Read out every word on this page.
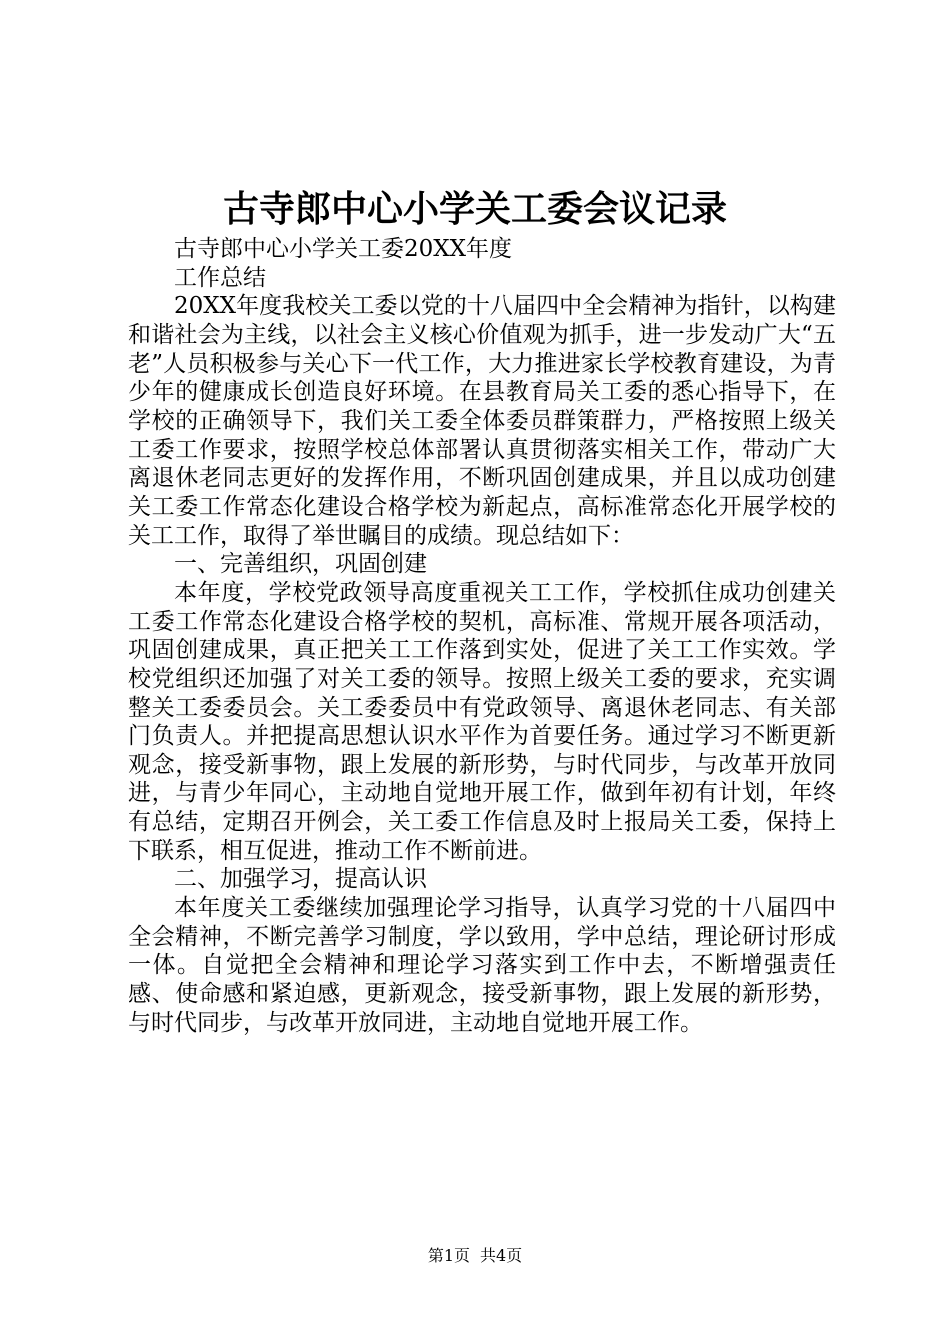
古寺郎中心小学关工委会议记录

古寺郎中心小学关工委20XX年度

工作总结

20XX年度我校关工委以党的十八届四中全会精神为指针，以构建和谐社会为主线，以社会主义核心价值观为抓手，进一步发动广大“五老”人员积极参与关心下一代工作，大力推进家长学校教育建设，为青少年的健康成长创造良好环境。在县教育局关工委的悉心指导下，在学校的正确领导下，我们关工委全体委员群策群力，严格按照上级关工委工作要求，按照学校总体部署认真贯彻落实相关工作，带动广大离退休老同志更好的发挥作用，不断巩固创建成果，并且以成功创建关工委工作常态化建设合格学校为新起点，高标准常态化开展学校的关工工作，取得了举世瞩目的成绩。现总结如下：

一、完善组织，巩固创建

本年度，学校党政领导高度重视关工工作，学校抓住成功创建关工委工作常态化建设合格学校的契机，高标准、常规开展各项活动，巩固创建成果，真正把关工工作落到实处，促进了关工工作实效。学校党组织还加强了对关工委的领导。按照上级关工委的要求，充实调整关工委委员会。关工委委员中有党政领导、离退休老同志、有关部门负责人。并把提高思想认识水平作为首要任务。通过学习不断更新观念，接受新事物，跟上发展的新形势，与时代同步，与改革开放同进，与青少年同心，主动地自觉地开展工作，做到年初有计划，年终有总结，定期召开例会，关工委工作信息及时上报局关工委，保持上下联系，相互促进，推动工作不断前进。

二、加强学习，提高认识

本年度关工委继续加强理论学习指导，认真学习党的十八届四中全会精神，不断完善学习制度，学以致用，学中总结，理论研讨形成一体。自觉把全会精神和理论学习落实到工作中去，不断增强责任感、使命感和紧迫感，更新观念，接受新事物，跟上发展的新形势，与时代同步，与改革开放同进，主动地自觉地开展工作。

第1页 共4页
